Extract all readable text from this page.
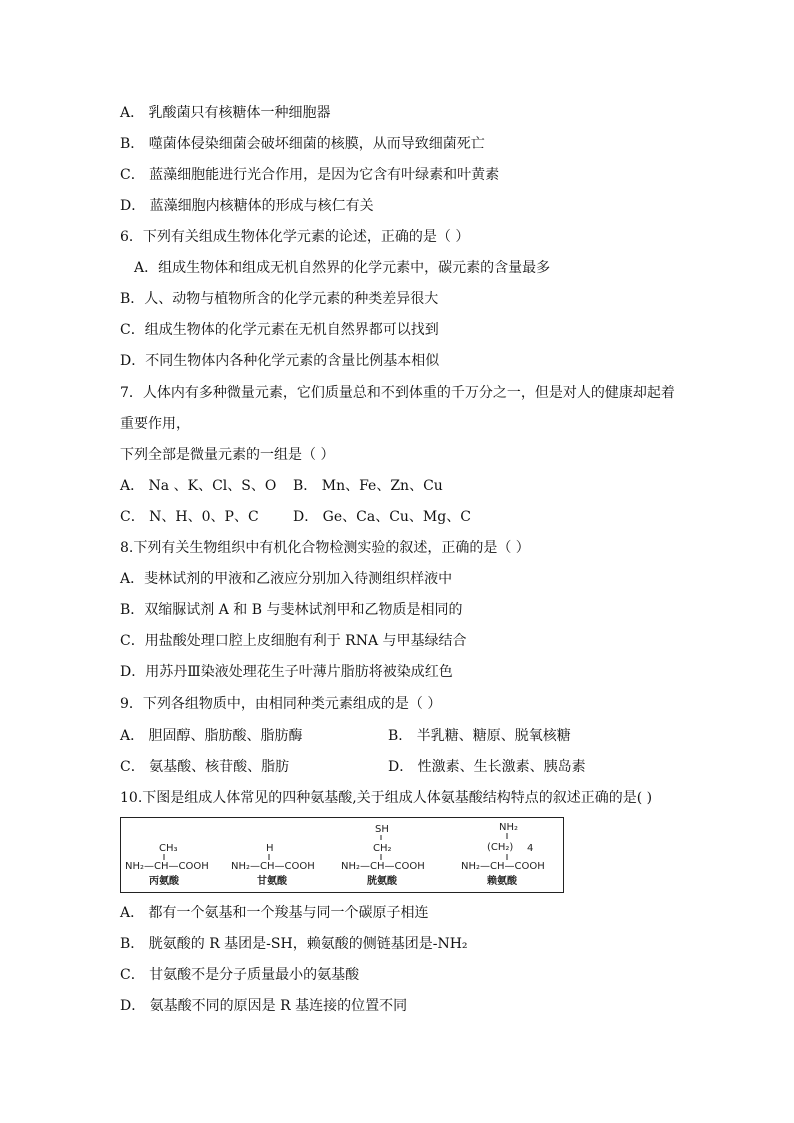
A． 乳酸菌只有核糖体一种细胞器
B． 噬菌体侵染细菌会破坏细菌的核膜，从而导致细菌死亡
C． 蓝藻细胞能进行光合作用，是因为它含有叶绿素和叶黄素
D． 蓝藻细胞内核糖体的形成与核仁有关
6．下列有关组成生物体化学元素的论述，正确的是（ ）
A．组成生物体和组成无机自然界的化学元素中，碳元素的含量最多
B．人、动物与植物所含的化学元素的种类差异很大
C．组成生物体的化学元素在无机自然界都可以找到
D．不同生物体内各种化学元素的含量比例基本相似
7．人体内有多种微量元素，它们质量总和不到体重的千万分之一，但是对人的健康却起着
重要作用，
下列全部是微量元素的一组是（ ）
A． Na 、K、Cl、S、O B． Mn、Fe、Zn、Cu
C． N、H、0、P、C D． Ge、Ca、Cu、Mg、C
8.下列有关生物组织中有机化合物检测实验的叙述，正确的是（ ）
A．斐林试剂的甲液和乙液应分别加入待测组织样液中
B．双缩脲试剂 A 和 B 与斐林试剂甲和乙物质是相同的
C．用盐酸处理口腔上皮细胞有利于 RNA 与甲基绿结合
D．用苏丹Ⅲ染液处理花生子叶薄片脂肪将被染成红色
9．下列各组物质中，由相同种类元素组成的是（ ）
A． 胆固醇、脂肪酸、脂肪酶	B． 半乳糖、糖原、脱氧核糖
C． 氨基酸、核苷酸、脂肪	D． 性激素、生长激素、胰岛素
10.下图是组成人体常见的四种氨基酸,关于组成人体氨基酸结构特点的叙述正确的是( )
CH₃
NH₂—CH—COOH
丙氨酸
H
NH₂—CH—COOH
甘氨酸
SH
CH₂
NH₂—CH—COOH
胱氨酸
NH₂
(CH₂) 4
NH₂—CH—COOH
赖氨酸
A． 都有一个氨基和一个羧基与同一个碳原子相连
B． 胱氨酸的 R 基团是-SH，赖氨酸的侧链基团是-NH₂
C． 甘氨酸不是分子质量最小的氨基酸
D． 氨基酸不同的原因是 R 基连接的位置不同
